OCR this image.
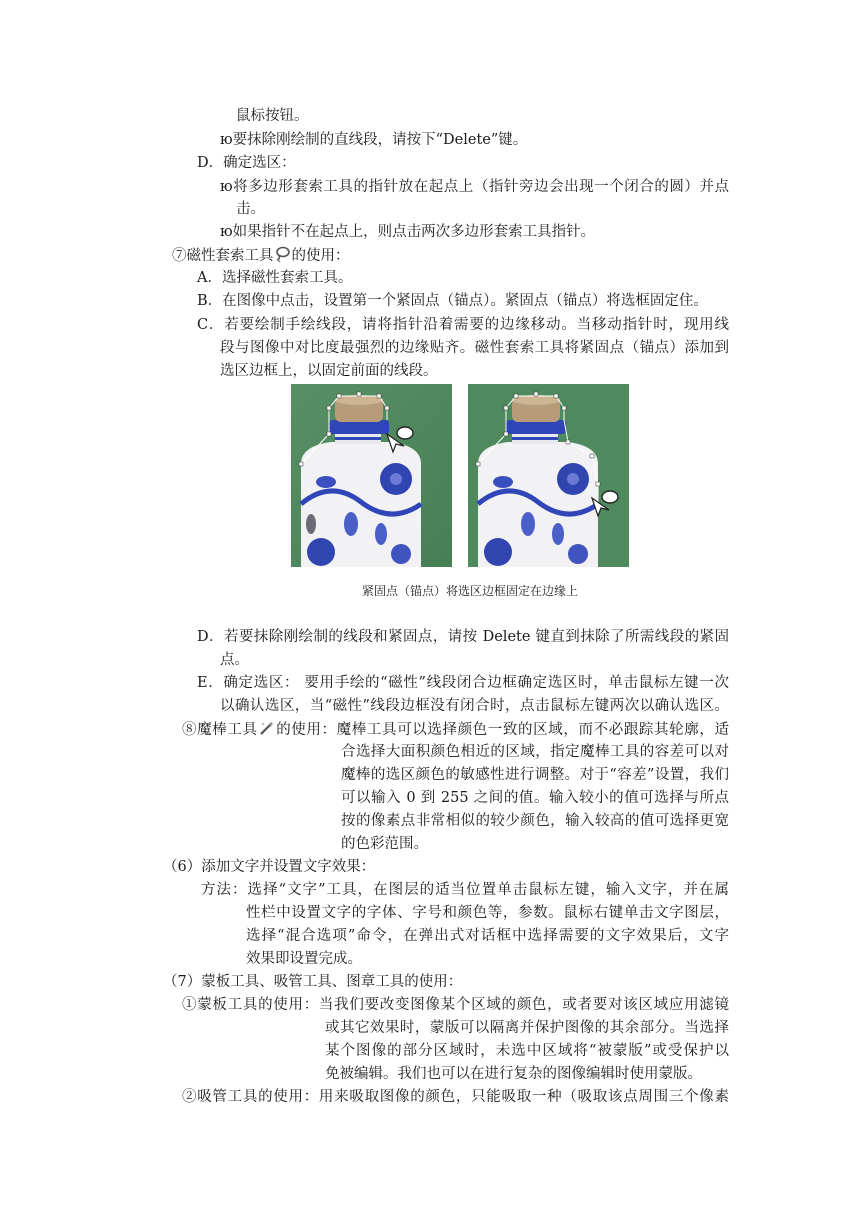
鼠标按钮。
ю要抹除刚绘制的直线段，请按下“Delete”键。
D．确定选区：
ю将多边形套索工具的指针放在起点上（指针旁边会出现一个闭合的圆）并点
击。
ю如果指针不在起点上，则点击两次多边形套索工具指针。
⑦磁性套索工具 的使用：
A．选择磁性套索工具。
B．在图像中点击，设置第一个紧固点（锚点）。紧固点（锚点）将选框固定住。
C．若要绘制手绘线段，请将指针沿着需要的边缘移动。当移动指针时，现用线
段与图像中对比度最强烈的边缘贴齐。磁性套索工具将紧固点（锚点）添加到
选区边框上，以固定前面的线段。
紧固点（锚点）将选区边框固定在边缘上
D．若要抹除刚绘制的线段和紧固点，请按 Delete 键直到抹除了所需线段的紧固
点。
E．确定选区： 要用手绘的“磁性”线段闭合边框确定选区时，单击鼠标左键一次
以确认选区，当“磁性”线段边框没有闭合时，点击鼠标左键两次以确认选区。
⑧魔棒工具 的使用：魔棒工具可以选择颜色一致的区域，而不必跟踪其轮廓，适
合选择大面积颜色相近的区域，指定魔棒工具的容差可以对
魔棒的选区颜色的敏感性进行调整。对于“容差”设置，我们
可以输入 0 到 255 之间的值。输入较小的值可选择与所点
按的像素点非常相似的较少颜色，输入较高的值可选择更宽
的色彩范围。
（6）添加文字并设置文字效果：
方法：选择“文字”工具，在图层的适当位置单击鼠标左键，输入文字，并在属
性栏中设置文字的字体、字号和颜色等，参数。鼠标右键单击文字图层，
选择“混合选项”命令，在弹出式对话框中选择需要的文字效果后，文字
效果即设置完成。
（7）蒙板工具、吸管工具、图章工具的使用：
①蒙板工具的使用：当我们要改变图像某个区域的颜色，或者要对该区域应用滤镜
或其它效果时，蒙版可以隔离并保护图像的其余部分。当选择
某个图像的部分区域时，未选中区域将“被蒙版”或受保护以
免被编辑。我们也可以在进行复杂的图像编辑时使用蒙版。
②吸管工具的使用：用来吸取图像的颜色，只能吸取一种（吸取该点周围三个像素
